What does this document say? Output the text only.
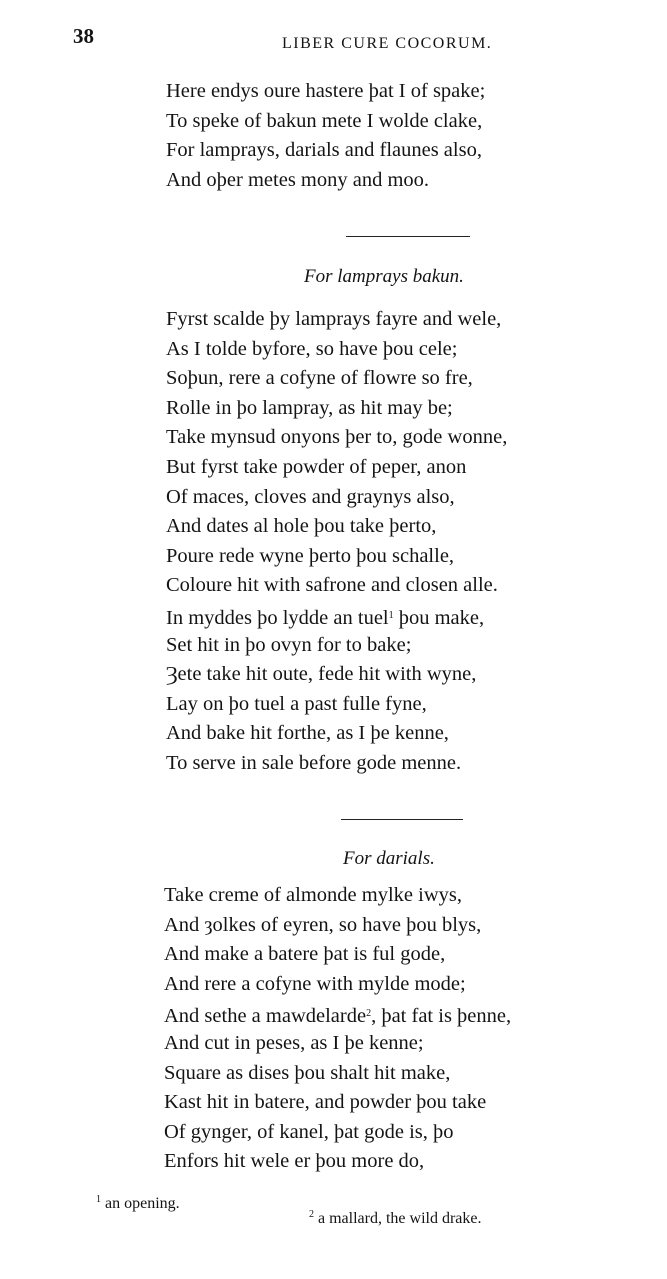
38	LIBER CURE COCORUM.
Here endys oure hastere þat I of spake;
To speke of bakun mete I wolde clake,
For lamprays, darials and flaunes also,
And oþer metes mony and moo.
For lamprays bakun.
Fyrst scalde þy lamprays fayre and wele,
As I tolde byfore, so have þou cele;
Soþun, rere a cofyne of flowre so fre,
Rolle in þo lampray, as hit may be;
Take mynsud onyons þer to, gode wonne,
But fyrst take powder of peper, anon
Of maces, cloves and graynys also,
And dates al hole þou take þerto,
Poure rede wyne þerto þou schalle,
Coloure hit with safrone and closen alle.
In myddes þo lydde an tuel$^1$ þou make,
Set hit in þo ovyn for to bake;
Ȝete take hit oute, fede hit with wyne,
Lay on þo tuel a past fulle fyne,
And bake hit forthe, as I þe kenne,
To serve in sale before gode menne.
For darials.
Take creme of almonde mylke iwys,
And ȝolkes of eyren, so have þou blys,
And make a batere þat is ful gode,
And rere a cofyne with mylde mode;
And sethe a mawdelarde$^2$, þat fat is þenne,
And cut in peses, as I þe kenne;
Square as dises þou shalt hit make,
Kast hit in batere, and powder þou take
Of gynger, of kanel, þat gode is, þo
Enfors hit wele er þou more do,
$^1$ an opening.
$^2$ a mallard, the wild drake.
